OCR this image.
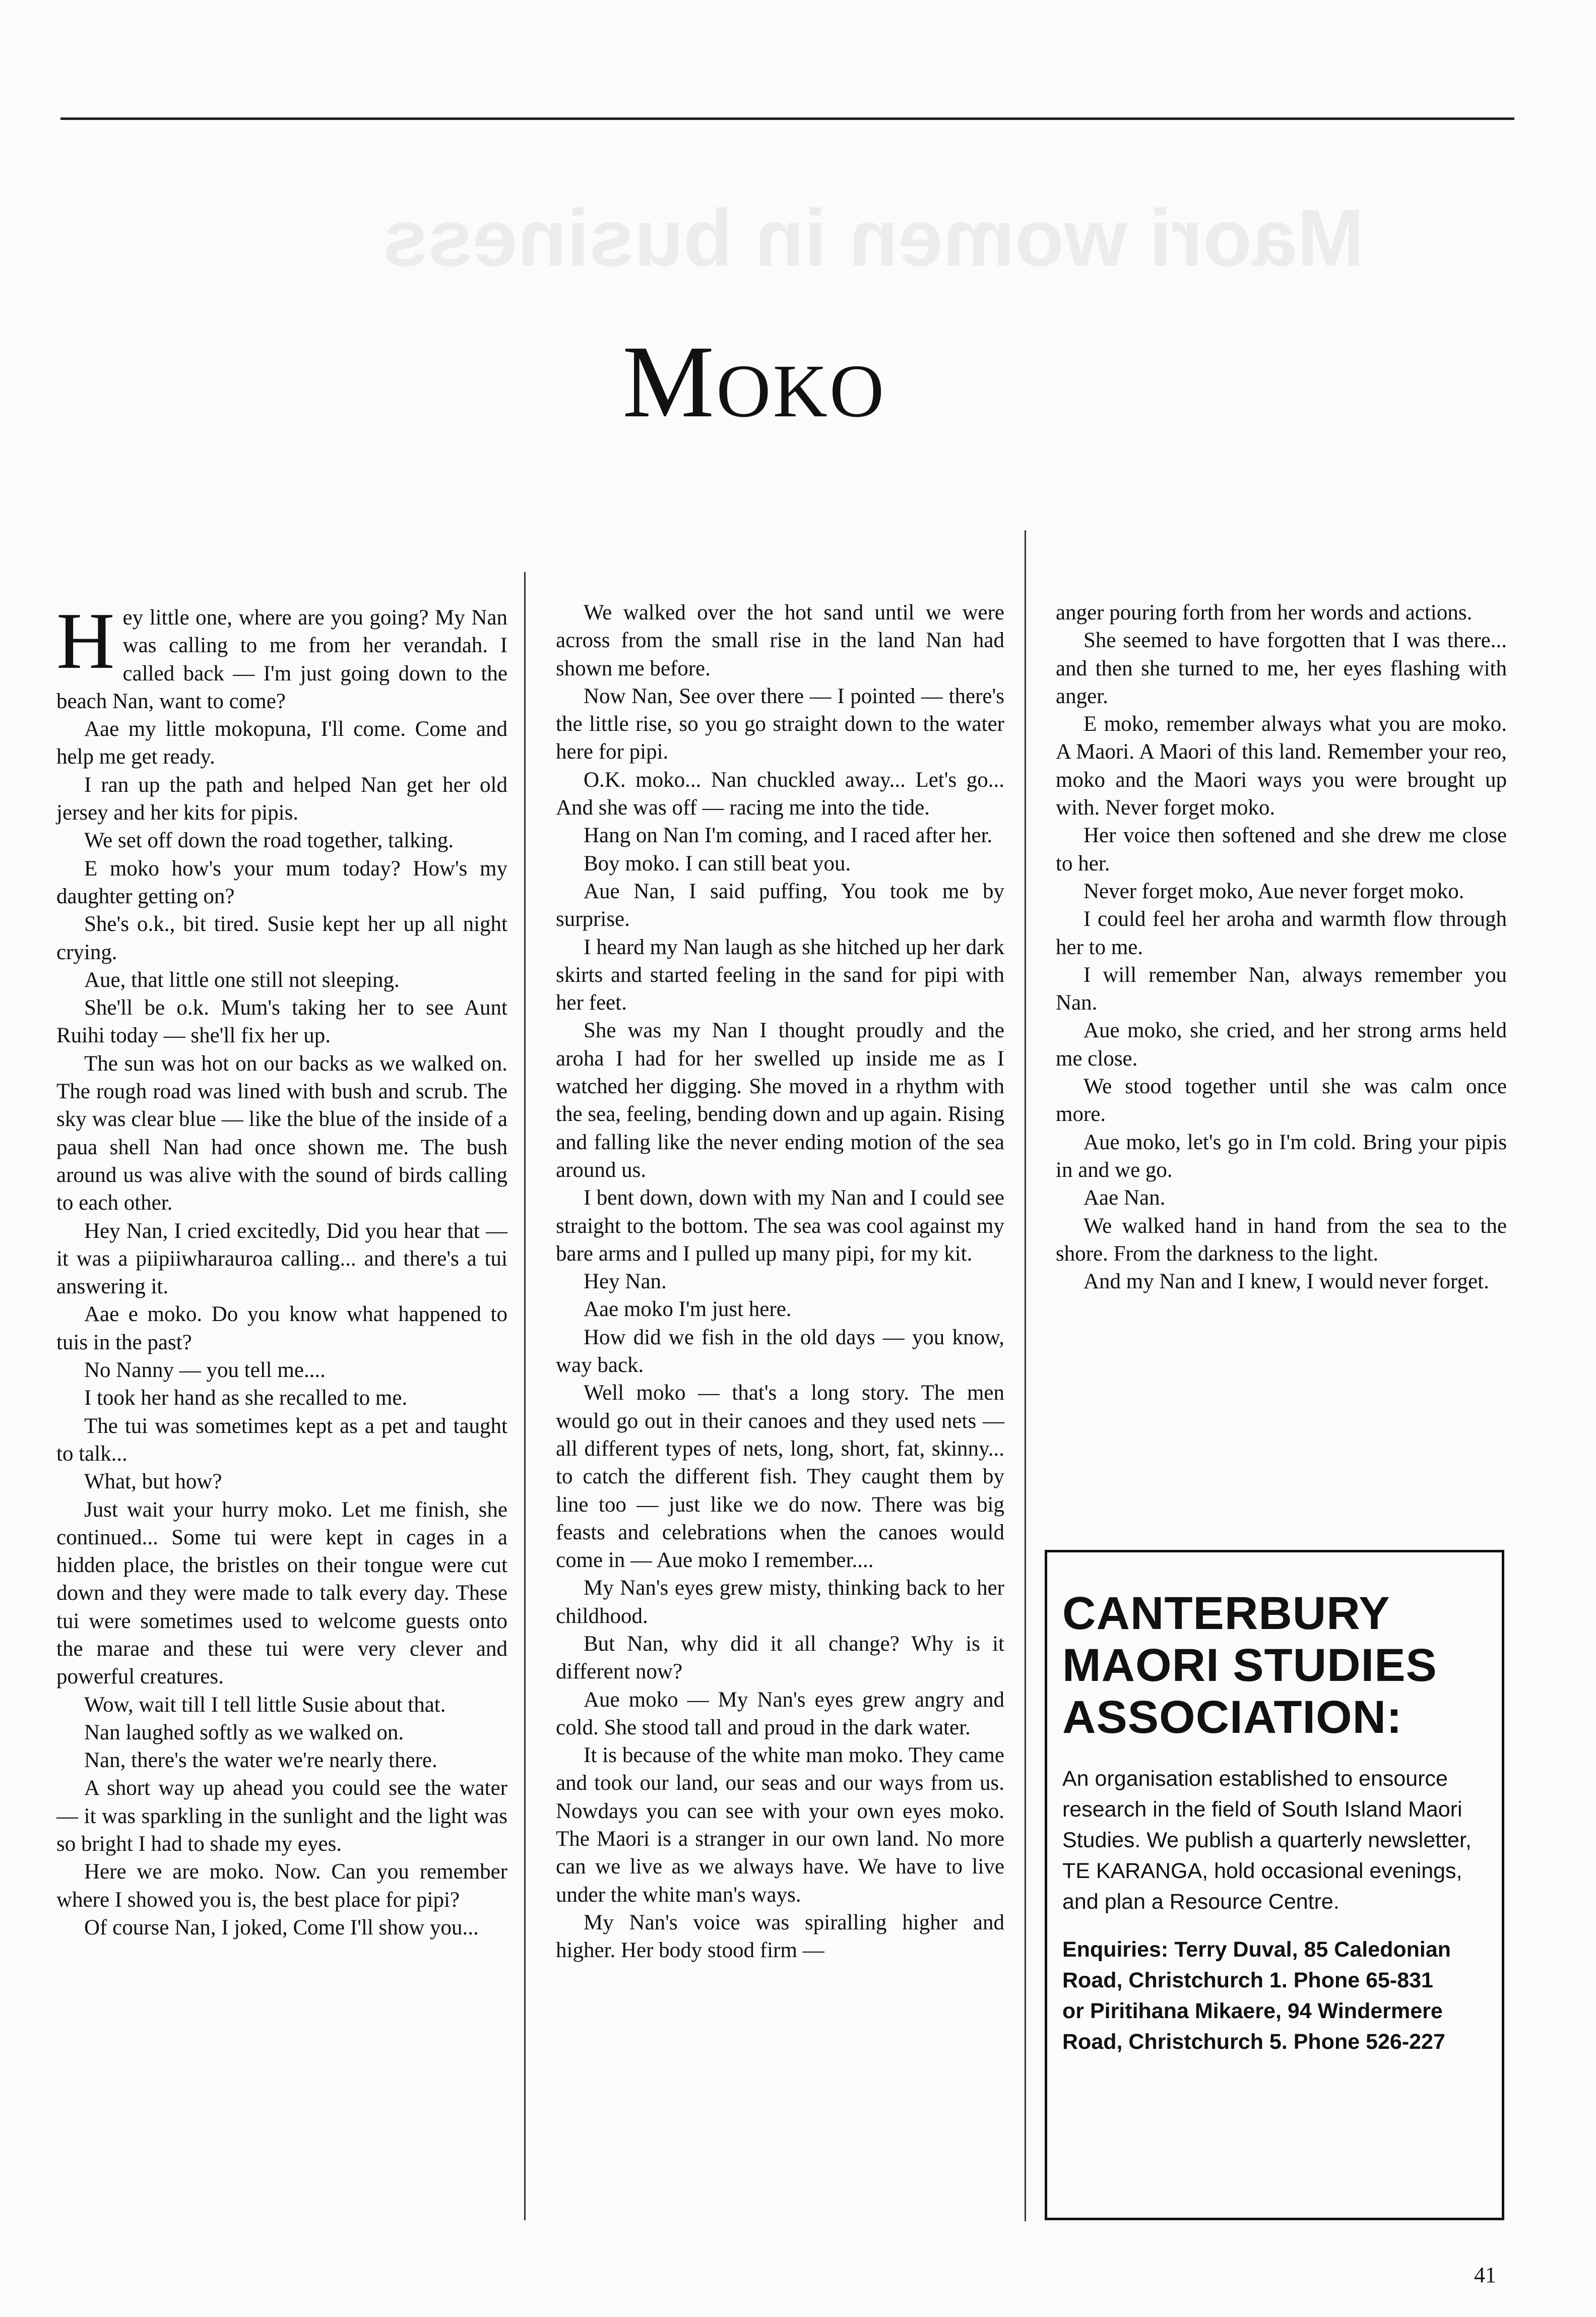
Maori women in business
MOKO

Hey little one, where are you going? My Nan was calling to me from her verandah. I called back — I'm just going down to the beach Nan, want to come?

Aae my little mokopuna, I'll come. Come and help me get ready.

I ran up the path and helped Nan get her old jersey and her kits for pipis.

We set off down the road together, talking.

E moko how's your mum today? How's my daughter getting on?

She's o.k., bit tired. Susie kept her up all night crying.

Aue, that little one still not sleeping.

She'll be o.k. Mum's taking her to see Aunt Ruihi today — she'll fix her up.

The sun was hot on our backs as we walked on. The rough road was lined with bush and scrub. The sky was clear blue — like the blue of the inside of a paua shell Nan had once shown me. The bush around us was alive with the sound of birds calling to each other.

Hey Nan, I cried excitedly, Did you hear that — it was a piipiiwharauroa calling... and there's a tui answering it.

Aae e moko. Do you know what happened to tuis in the past?

No Nanny — you tell me....

I took her hand as she recalled to me.

The tui was sometimes kept as a pet and taught to talk...

What, but how?

Just wait your hurry moko. Let me finish, she continued... Some tui were kept in cages in a hidden place, the bristles on their tongue were cut down and they were made to talk every day. These tui were sometimes used to welcome guests onto the marae and these tui were very clever and powerful creatures.

Wow, wait till I tell little Susie about that.

Nan laughed softly as we walked on.

Nan, there's the water we're nearly there.

A short way up ahead you could see the water — it was sparkling in the sunlight and the light was so bright I had to shade my eyes.

Here we are moko. Now. Can you remember where I showed you is, the best place for pipi?

Of course Nan, I joked, Come I'll show you...

We walked over the hot sand until we were across from the small rise in the land Nan had shown me before.

Now Nan, See over there — I pointed — there's the little rise, so you go straight down to the water here for pipi.

O.K. moko... Nan chuckled away... Let's go... And she was off — racing me into the tide.

Hang on Nan I'm coming, and I raced after her.

Boy moko. I can still beat you.

Aue Nan, I said puffing, You took me by surprise.

I heard my Nan laugh as she hitched up her dark skirts and started feeling in the sand for pipi with her feet.

She was my Nan I thought proudly and the aroha I had for her swelled up inside me as I watched her digging. She moved in a rhythm with the sea, feeling, bending down and up again. Rising and falling like the never ending motion of the sea around us.

I bent down, down with my Nan and I could see straight to the bottom. The sea was cool against my bare arms and I pulled up many pipi, for my kit.

Hey Nan.

Aae moko I'm just here.

How did we fish in the old days — you know, way back.

Well moko — that's a long story. The men would go out in their canoes and they used nets — all different types of nets, long, short, fat, skinny... to catch the different fish. They caught them by line too — just like we do now. There was big feasts and celebrations when the canoes would come in — Aue moko I remember....

My Nan's eyes grew misty, thinking back to her childhood.

But Nan, why did it all change? Why is it different now?

Aue moko — My Nan's eyes grew angry and cold. She stood tall and proud in the dark water.

It is because of the white man moko. They came and took our land, our seas and our ways from us. Nowdays you can see with your own eyes moko. The Maori is a stranger in our own land. No more can we live as we always have. We have to live under the white man's ways.

My Nan's voice was spiralling higher and higher. Her body stood firm —

anger pouring forth from her words and actions.

She seemed to have forgotten that I was there... and then she turned to me, her eyes flashing with anger.

E moko, remember always what you are moko. A Maori. A Maori of this land. Remember your reo, moko and the Maori ways you were brought up with. Never forget moko.

Her voice then softened and she drew me close to her.

Never forget moko, Aue never forget moko.

I could feel her aroha and warmth flow through her to me.

I will remember Nan, always remember you Nan.

Aue moko, she cried, and her strong arms held me close.

We stood together until she was calm once more.

Aue moko, let's go in I'm cold. Bring your pipis in and we go.

Aae Nan.

We walked hand in hand from the sea to the shore. From the darkness to the light.

And my Nan and I knew, I would never forget.

CANTERBURY
MAORI STUDIES
ASSOCIATION:
An organisation established to ensource research in the field of South Island Maori Studies. We publish a quarterly newsletter, TE KARANGA, hold occasional evenings, and plan a Resource Centre.
Enquiries: Terry Duval, 85 Caledonian Road, Christchurch 1. Phone 65-831
or Piritihana Mikaere, 94 Windermere Road, Christchurch 5. Phone 526-227
41
